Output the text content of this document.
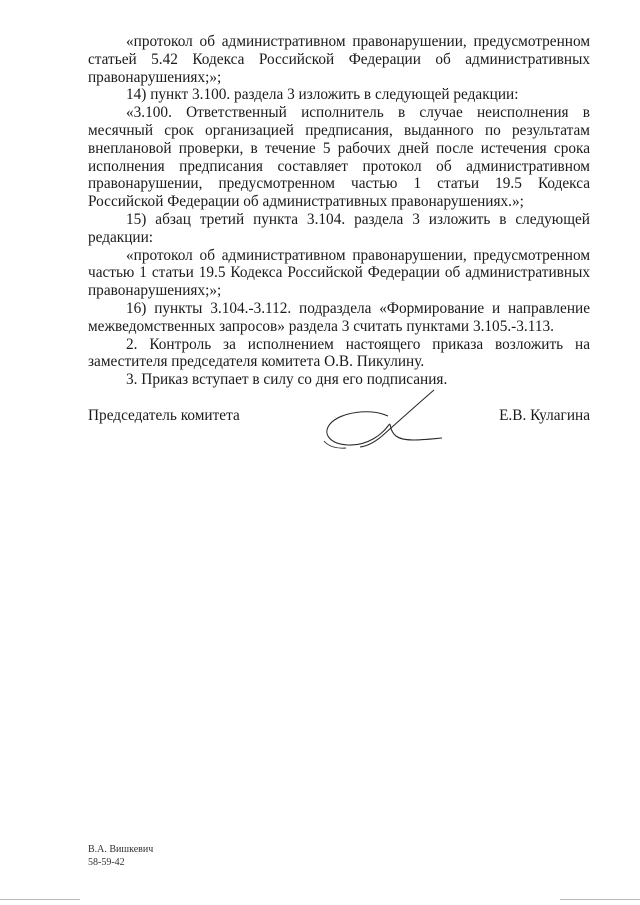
«протокол об административном правонарушении, предусмотренном статьей 5.42 Кодекса Российской Федерации об административных правонарушениях;»;

14) пункт 3.100. раздела 3 изложить в следующей редакции:

«3.100. Ответственный исполнитель в случае неисполнения в месячный срок организацией предписания, выданного по результатам внеплановой проверки, в течение 5 рабочих дней после истечения срока исполнения предписания составляет протокол об административном правонарушении, предусмотренном частью 1 статьи 19.5 Кодекса Российской Федерации об административных правонарушениях.»;

15) абзац третий пункта 3.104. раздела 3 изложить в следующей редакции:

«протокол об административном правонарушении, предусмотренном частью 1 статьи 19.5 Кодекса Российской Федерации об административных правонарушениях;»;

16) пункты 3.104.-3.112. подраздела «Формирование и направление межведомственных запросов» раздела 3 считать пунктами 3.105.-3.113.

2. Контроль за исполнением настоящего приказа возложить на заместителя председателя комитета О.В. Пикулину.

3. Приказ вступает в силу со дня его подписания.

Председатель комитета	Е.В. Кулагина
В.А. Вишкевич
58-59-42
